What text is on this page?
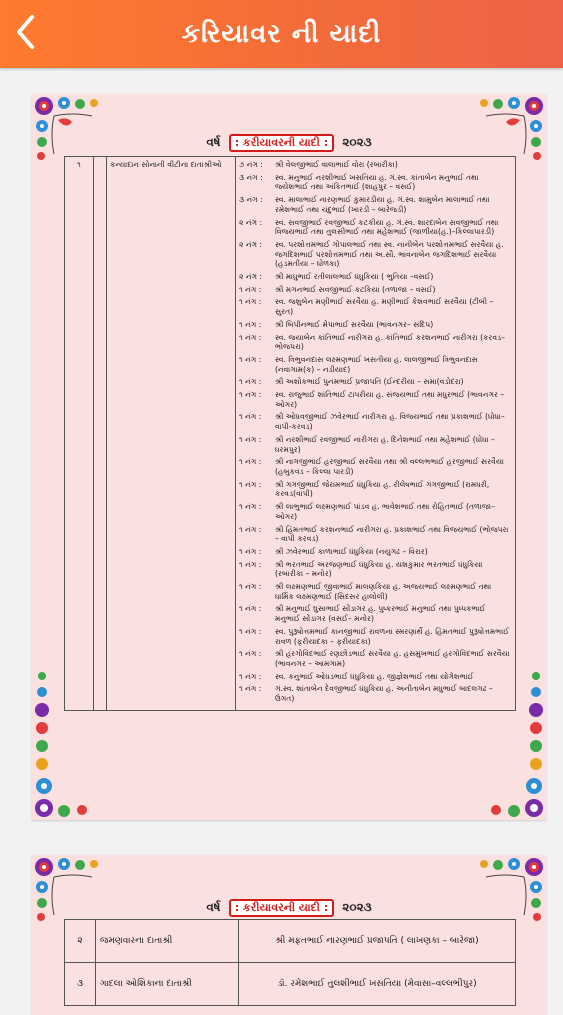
કરિયાવર ની યાદી
વર્ષ : કરીયાવરની યાદી : ૨૦૨૩
૧		કન્યાદાન સોનાની વીટીના દાતાશ્રીઓ	૭ નંગ :	શ્રી વેલજીભાઈ વાલાભાઈ વોરા (રબારીકા)
૩ નંગ :	સ્વ. મનુભાઈ નરશીભાઈ ખસતિયા હ. ગં.સ્વ. કાંતાબેન મનુભાઈ તથા જયેશભાઈ તથા અંકિતભાઈ (શાહપુર – વસઈ)
૩ નંગ :	સ્વ. માલાભાઈ નારણભાઈ કુમારડીયા હ. ગં.સ્વ. શામુબેન માલાભાઈ તથા રમેશભાઈ તથા ચંદુભાઈ (ખારડી – બારેજડી)
૨ નંગ :	સ્વ. સવજીભાઈ રવજીભાઈ કટકીયા હ. ગં.સ્વ. શારદાબેન સવજીભાઈ તથા વિજયભાઈ તથા તુલસીભાઈ તથા મહેશભાઈ (જાળીયા(હ.)–કિલ્લાપારડી)
૨ નંગ :	સ્વ. પરશોત્તમભાઈ ગોપાલભાઈ તથા સ્વ. નાનીબેન પરશોત્તમભાઈ સરવૈયા હ. જગદિશભાઈ પરશોત્તમભાઈ તથા અ.સૌ. ભાવનાબેન જગદિશભાઈ સરવૈયા (હડમતીયા – ધોળકા)
૨ નંગ :	શ્રી માધુભાઈ રતીલાલભાઈ ધંધુકિયા ( ભુતિયા –વસઈ)
૧ નંગ :	શ્રી મગનભાઈ સવજીભાઈ કટકિયા (તળાજા – વસઈ)
૧ નંગ :	સ્વ. જશુબેન મણીભાઈ સરવૈયા હ. મણીભાઈ કેશવભાઈ સરવૈયા (ટીંબી – સુરત)
૧ નંગ :	શ્રી બિપીનભાઈ મેપાભાઈ સરવૈયા (ભાવનગર– સંદિપ)
૧ નંગ :	સ્વ. જયાબેન કાંતિભાઈ નારીગરા હ. કાંતિભાઈ કરશનભાઈ નારીગરા (કરવડ–ભોજપરા)
૧ નંગ :	સ્વ. ત્રિભુવનદાસ લક્ષ્મણભાઈ ખસતીયા હ. લાલજીભાઈ ત્રિભુવનદાસ (નવાગામ(ક) – નડીયાદ)
૧ નંગ :	શ્રી અશોકભાઈ પુનમભાઈ પ્રજાપતિ (ઈન્દરીયા – સમા(વડોદરા)
૧ નંગ :	સ્વ. રાજુભાઈ શાંતિભાઈ ટાપરીયા હ. સંજયભાઈ તથા મધુરભાઈ (ભાવનગર – ઓગર)
૧ નંગ :	શ્રી ઓધવજીભાઈ ઝવેરભાઈ નારીગરા હ. વિજયભાઈ તથા પ્રકાશભાઈ (ધોધા– વાપી-કરવડ)
૧ નંગ :	શ્રી નરશીભાઈ રવજીભાઈ નારીગરા હ. દિનેશભાઈ તથા મહેશભાઈ (ધોધા – ધરમપુર)
૧ નંગ :	શ્રી નાગજીભાઈ હરજીભાઈ સરવૈયા તથા શ્રી વલ્લભભાઈ હરજીભાઈ સરવૈયા (હબુકવડ – કિલ્લા પારડી)
૧ નંગ :	શ્રી ગગજીભાઈ જેરામભાઈ ધંધુકિયા હ. રીલેષભાઈ ગગજીભાઈ (રામધરી, કરવડ(વાપી)
૧ નંગ :	શ્રી લાભુભાઈ લક્ષ્મણભાઈ પાંડવ હ. ભાવેશભાઈ તથા રોહિતભાઈ (તળાજા– ઓગર)
૧ નંગ :	શ્રી હિંમતભાઈ કરશનભાઈ નારીગરા હ. પ્રકાશભાઈ તથા વિજયભાઈ (ભોજપરા – વાપી કરવડ)
૧ નંગ :	શ્રી ઝવેરભાઈ કાળાભાઈ ધંધુકિયા (નયુગઢ – વિરાર)
૧ નંગ :	શ્રી ભરતભાઈ અરજણભાઈ ધંધુકિયા હ. યશકુમાર ભરતભાઈ ધંધુકિયા (રબારીકા – મનોર)
૧ નંગ :	શ્રી લક્ષ્મણભાઈ જીવાભાઈ માલણકિયા હ. અજયભાઈ લક્ષ્મણભાઈ તથા ધાર્મિક લક્ષ્મણભાઈ (સિદસર હાલોલી)
૧ નંગ :	શ્રી મનુભાઈ ઘુસાભાઈ સોંડાગર હ. પુષ્કરભાઈ મનુભાઈ તથા પુષ્પકભાઈ મનુભાઈ સોંડાગર (વસઈ– મનોર)
૧ નંગ :	સ્વ. પુરૂષોત્તમભાઈ કાનજીભાઈ રાવળના સ્મરણાર્થે હ. હિંમતભાઈ પુરૂષોત્તમભાઈ રાવળ (ફરીયાદકા – ફરીયાદકા)
૧ નંગ :	શ્રી હરગોવિંદભાઈ રણછોડભાઈ સરવૈયા હ. હસમુખભાઈ હરગોવિંદભાઈ સરવૈયા (ભાવનગર – આમગામ)
૧ નંગ :	સ્વ. કનુભાઈ ઓધડભાઈ ધંધુકિયા હ. જીજ્ઞેશભાઈ તથા યોગેશભાઈ
૧ નંગ :	ગં.સ્વ. શાંતાબેન દેવજીભાઈ ધંધુકિયા હ. અનીતાબેન મધુભાઈ બાદલગઢ – ઉગત)
વર્ષ : કરીયાવરની યાદી : ૨૦૨૩
૨	જમણવારના દાતાશ્રી	શ્રી મફતભાઈ નારણભાઈ પ્રજાપતિ ( લાખણકા – બારેજા)
૩	ગાદલા ઓશિકાના દાતાશ્રી	ડૉ. રમેશભાઈ તુલશીભાઈ ખસતિયા (મેવાસા–વલ્લભીપુર)
